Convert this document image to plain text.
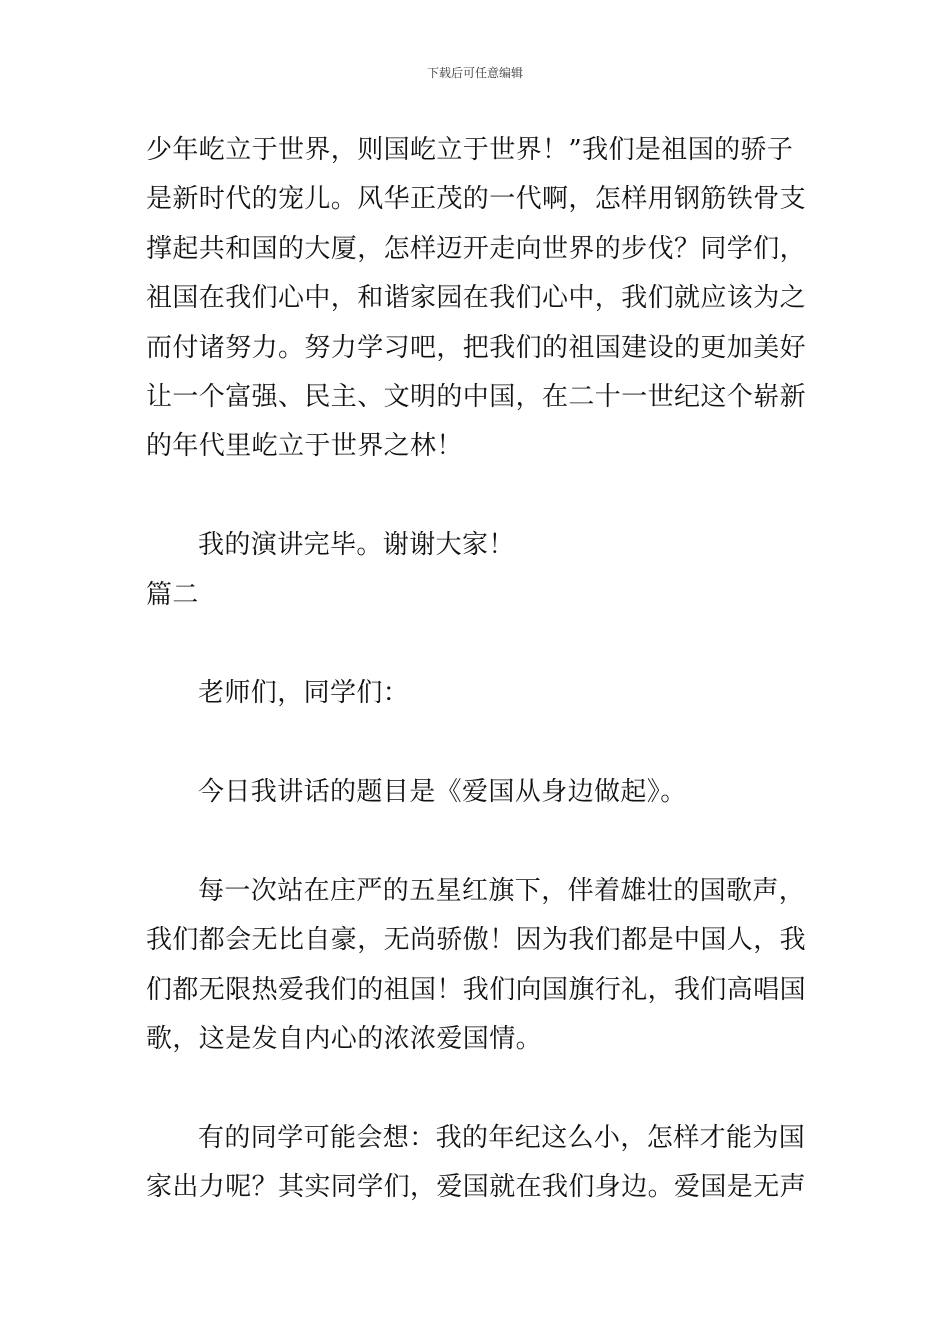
下载后可任意编辑
少年屹立于世界，则国屹立于世界！”我们是祖国的骄子
是新时代的宠儿。风华正茂的一代啊，怎样用钢筋铁骨支
撑起共和国的大厦，怎样迈开走向世界的步伐？同学们，
祖国在我们心中，和谐家园在我们心中，我们就应该为之
而付诸努力。努力学习吧，把我们的祖国建设的更加美好
让一个富强、民主、文明的中国，在二十一世纪这个崭新
的年代里屹立于世界之林！
我的演讲完毕。谢谢大家！
篇二
老师们，同学们：
今日我讲话的题目是《爱国从身边做起》。
每一次站在庄严的五星红旗下，伴着雄壮的国歌声，
我们都会无比自豪，无尚骄傲！因为我们都是中国人，我
们都无限热爱我们的祖国！我们向国旗行礼，我们高唱国
歌，这是发自内心的浓浓爱国情。
有的同学可能会想：我的年纪这么小，怎样才能为国
家出力呢？其实同学们，爱国就在我们身边。爱国是无声
